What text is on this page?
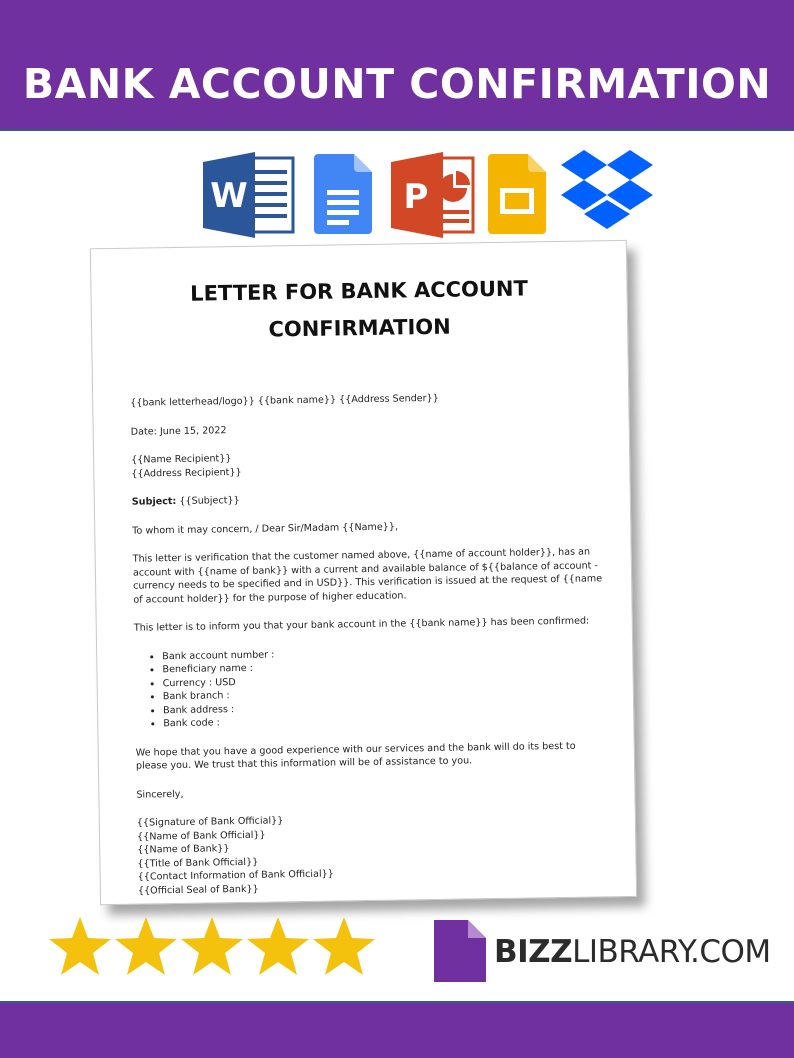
BANK ACCOUNT CONFIRMATION
W	P
LETTER FOR BANK ACCOUNT
CONFIRMATION

{{bank letterhead/logo}} {{bank name}} {{Address Sender}}

Date: June 15, 2022

{{Name Recipient}}

{{Address Recipient}}

Subject: {{Subject}}

To whom it may concern, / Dear Sir/Madam {{Name}},

This letter is verification that the customer named above, {{name of account holder}}, has an account with {{name of bank}} with a current and available balance of ${{balance of account - currency needs to be specified and in USD}}. This verification is issued at the request of {{name of account holder}} for the purpose of higher education.

This letter is to inform you that your bank account in the {{bank name}} has been confirmed:

• Bank account number :
• Beneficiary name :
• Currency : USD
• Bank branch :
• Bank address :
• Bank code :

We hope that you have a good experience with our services and the bank will do its best to please you. We trust that this information will be of assistance to you.

Sincerely,

{{Signature of Bank Official}}

{{Name of Bank Official}}

{{Name of Bank}}

{{Title of Bank Official}}

{{Contact Information of Bank Official}}

{{Official Seal of Bank}}

BIZZLIBRARY.COM
